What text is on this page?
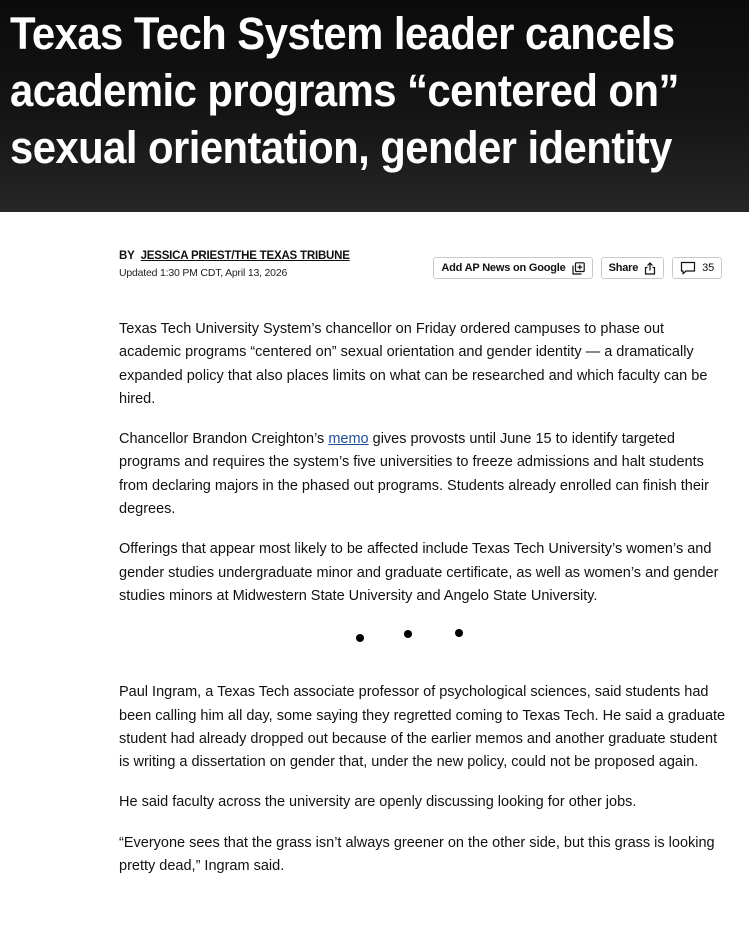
Texas Tech System leader cancels academic programs “centered on” sexual orientation, gender identity
BY JESSICA PRIEST/THE TEXAS TRIBUNE
Updated 1:30 PM CDT, April 13, 2026	Add AP News on Google	Share	35

Texas Tech University System’s chancellor on Friday ordered campuses to phase out academic programs “centered on” sexual orientation and gender identity — a dramatically expanded policy that also places limits on what can be researched and which faculty can be hired.

Chancellor Brandon Creighton’s memo gives provosts until June 15 to identify targeted programs and requires the system’s five universities to freeze admissions and halt students from declaring majors in the phased out programs. Students already enrolled can finish their degrees.

Offerings that appear most likely to be affected include Texas Tech University’s women’s and gender studies undergraduate minor and graduate certificate, as well as women’s and gender studies minors at Midwestern State University and Angelo State University.

Paul Ingram, a Texas Tech associate professor of psychological sciences, said students had been calling him all day, some saying they regretted coming to Texas Tech. He said a graduate student had already dropped out because of the earlier memos and another graduate student is writing a dissertation on gender that, under the new policy, could not be proposed again.

He said faculty across the university are openly discussing looking for other jobs.

“Everyone sees that the grass isn’t always greener on the other side, but this grass is looking pretty dead,” Ingram said.
